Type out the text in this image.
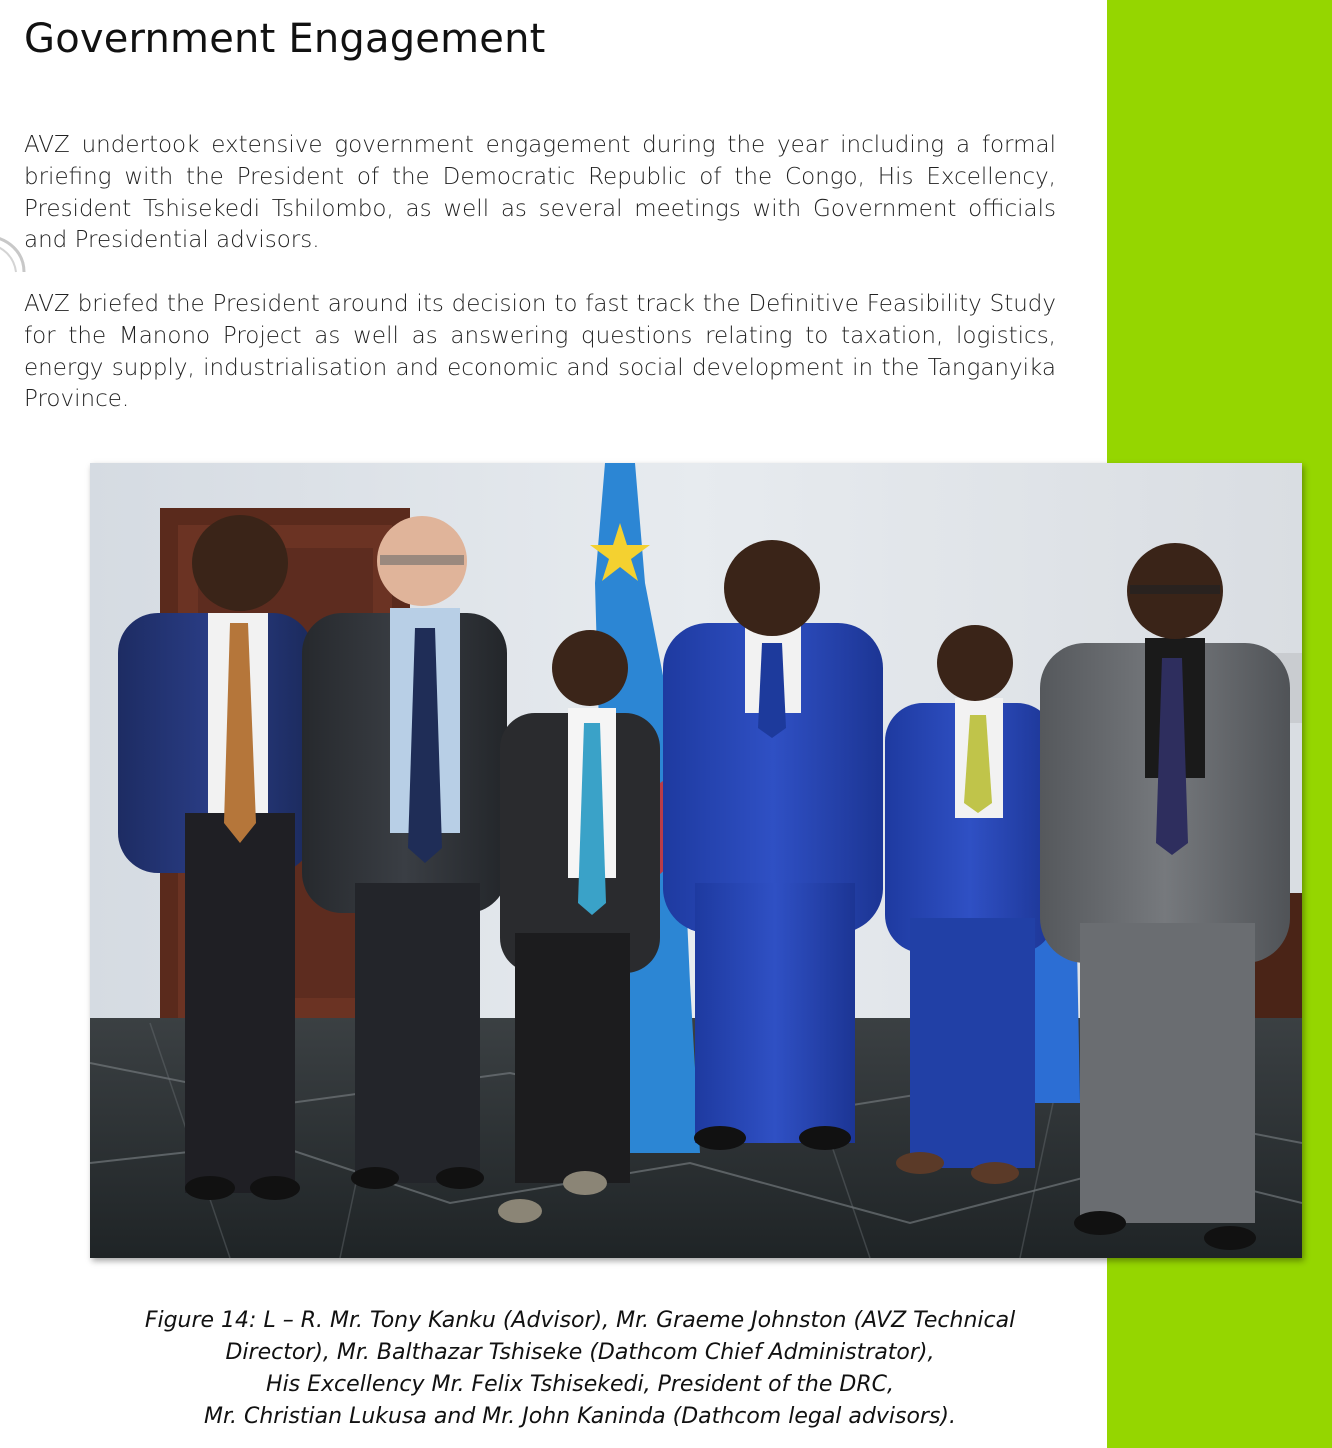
Government Engagement

AVZ undertook extensive government engagement during the year including a formal briefing with the President of the Democratic Republic of the Congo, His Excellency, President Tshisekedi Tshilombo, as well as several meetings with Government officials and Presidential advisors.

AVZ briefed the President around its decision to fast track the Definitive Feasibility Study for the Manono Project as well as answering questions relating to taxation, logistics, energy supply, industrialisation and economic and social development in the Tanganyika Province.

Figure 14: L – R. Mr. Tony Kanku (Advisor), Mr. Graeme Johnston (AVZ Technical
Director), Mr. Balthazar Tshiseke (Dathcom Chief Administrator),
His Excellency Mr. Felix Tshisekedi, President of the DRC,
Mr. Christian Lukusa and Mr. John Kaninda (Dathcom legal advisors).
